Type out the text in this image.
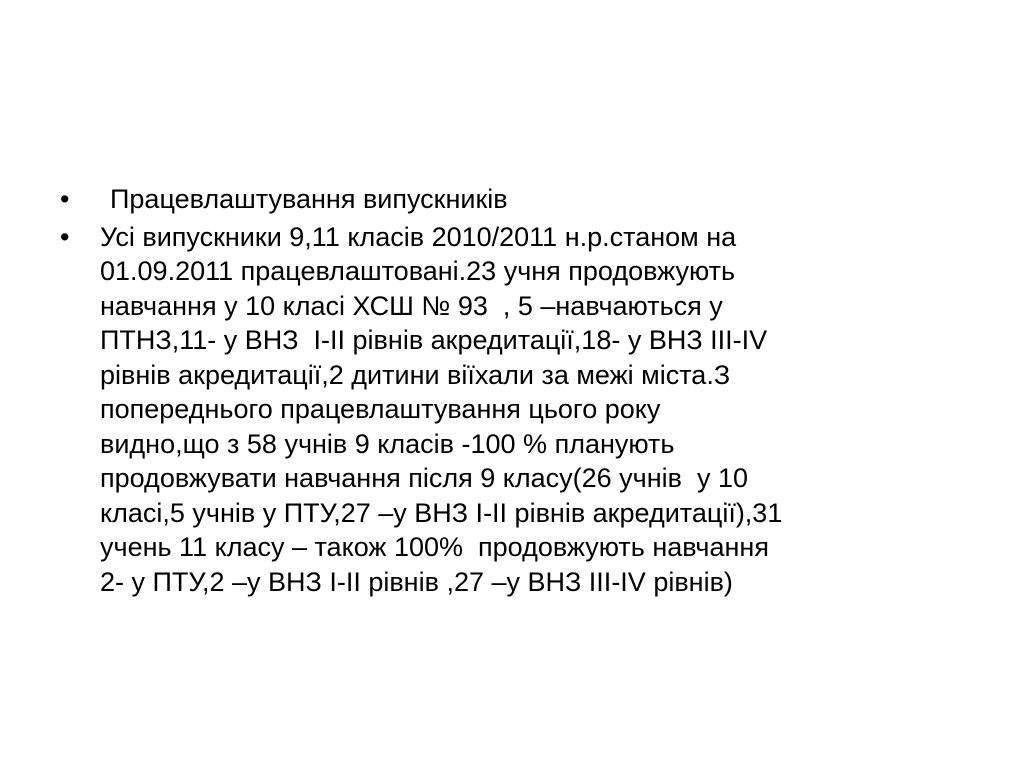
•	Працевлаштування випускників
•	Усі випускники 9,11 класів 2010/2011 н.р.станом на
01.09.2011 працевлаштовані.23 учня продовжують
навчання у 10 класі ХСШ № 93  , 5 –навчаються у
ПТНЗ,11- у ВНЗ  І-ІІ рівнів акредитації,18- у ВНЗ ІІІ-ІV
рівнів акредитації,2 дитини віїхали за межі міста.З
попереднього працевлаштування цього року
видно,що з 58 учнів 9 класів -100 % планують
продовжувати навчання після 9 класу(26 учнів  у 10
класі,5 учнів у ПТУ,27 –у ВНЗ І-ІІ рівнів акредитації),31
учень 11 класу – також 100%  продовжують навчання
2- у ПТУ,2 –у ВНЗ І-ІІ рівнів ,27 –у ВНЗ ІІІ-ІV рівнів)
